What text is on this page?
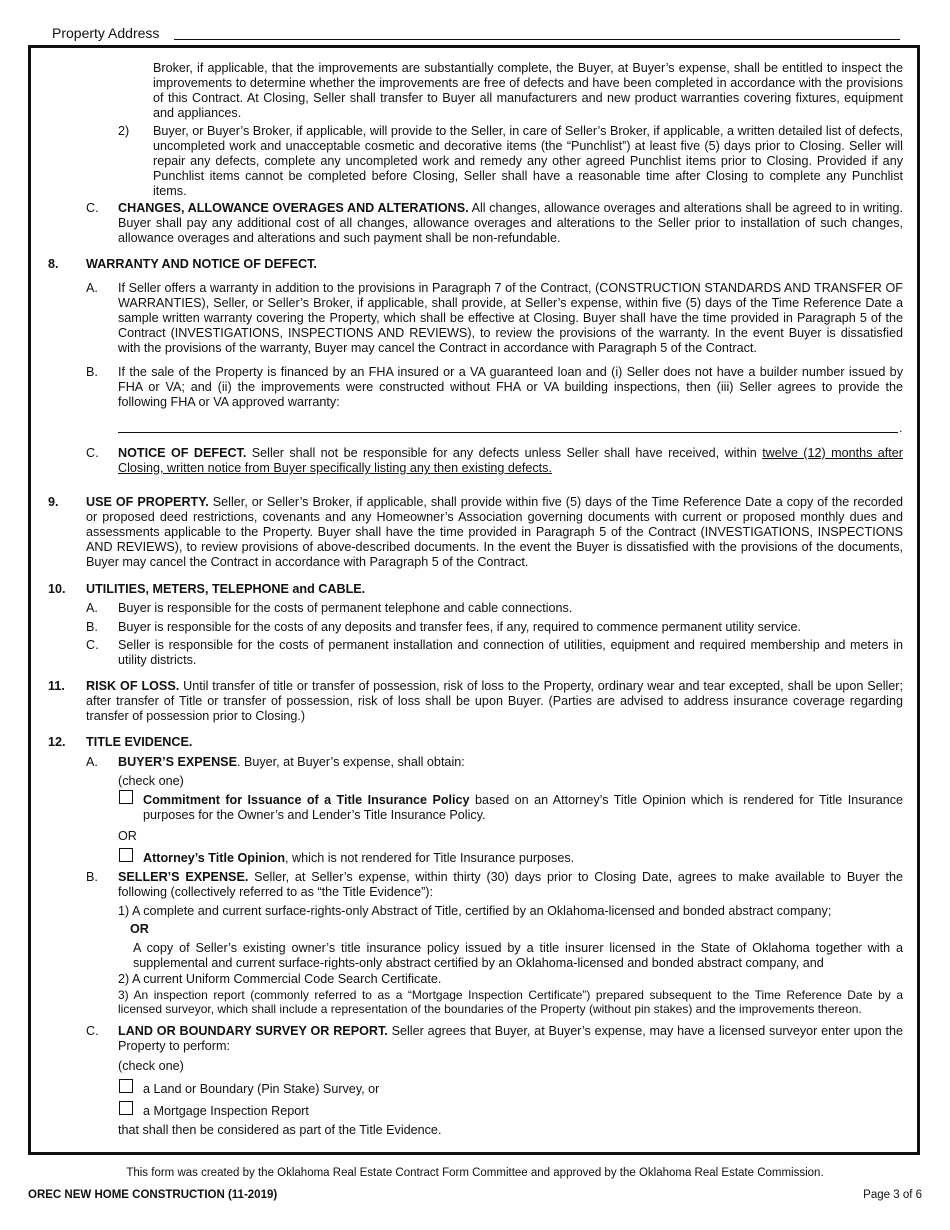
Property Address
Broker, if applicable, that the improvements are substantially complete, the Buyer, at Buyer’s expense, shall be entitled to inspect the improvements to determine whether the improvements are free of defects and have been completed in accordance with the provisions of this Contract. At Closing, Seller shall transfer to Buyer all manufacturers and new product warranties covering fixtures, equipment and appliances.
2) Buyer, or Buyer’s Broker, if applicable, will provide to the Seller, in care of Seller’s Broker, if applicable, a written detailed list of defects, uncompleted work and unacceptable cosmetic and decorative items (the “Punchlist”) at least five (5) days prior to Closing. Seller will repair any defects, complete any uncompleted work and remedy any other agreed Punchlist items prior to Closing. Provided if any Punchlist items cannot be completed before Closing, Seller shall have a reasonable time after Closing to complete any Punchlist items.
C. CHANGES, ALLOWANCE OVERAGES AND ALTERATIONS. All changes, allowance overages and alterations shall be agreed to in writing. Buyer shall pay any additional cost of all changes, allowance overages and alterations to the Seller prior to installation of such changes, allowance overages and alterations and such payment shall be non-refundable.
8. WARRANTY AND NOTICE OF DEFECT.
A. If Seller offers a warranty in addition to the provisions in Paragraph 7 of the Contract, (CONSTRUCTION STANDARDS AND TRANSFER OF WARRANTIES), Seller, or Seller’s Broker, if applicable, shall provide, at Seller’s expense, within five (5) days of the Time Reference Date a sample written warranty covering the Property, which shall be effective at Closing. Buyer shall have the time provided in Paragraph 5 of the Contract (INVESTIGATIONS, INSPECTIONS AND REVIEWS), to review the provisions of the warranty. In the event Buyer is dissatisfied with the provisions of the warranty, Buyer may cancel the Contract in accordance with Paragraph 5 of the Contract.
B. If the sale of the Property is financed by an FHA insured or a VA guaranteed loan and (i) Seller does not have a builder number issued by FHA or VA; and (ii) the improvements were constructed without FHA or VA building inspections, then (iii) Seller agrees to provide the following FHA or VA approved warranty:
.
C. NOTICE OF DEFECT. Seller shall not be responsible for any defects unless Seller shall have received, within twelve (12) months after Closing, written notice from Buyer specifically listing any then existing defects.
9. USE OF PROPERTY. Seller, or Seller’s Broker, if applicable, shall provide within five (5) days of the Time Reference Date a copy of the recorded or proposed deed restrictions, covenants and any Homeowner’s Association governing documents with current or proposed monthly dues and assessments applicable to the Property. Buyer shall have the time provided in Paragraph 5 of the Contract (INVESTIGATIONS, INSPECTIONS AND REVIEWS), to review provisions of above-described documents. In the event the Buyer is dissatisfied with the provisions of the documents, Buyer may cancel the Contract in accordance with Paragraph 5 of the Contract.
10. UTILITIES, METERS, TELEPHONE and CABLE.
A. Buyer is responsible for the costs of permanent telephone and cable connections.
B. Buyer is responsible for the costs of any deposits and transfer fees, if any, required to commence permanent utility service.
C. Seller is responsible for the costs of permanent installation and connection of utilities, equipment and required membership and meters in utility districts.
11. RISK OF LOSS. Until transfer of title or transfer of possession, risk of loss to the Property, ordinary wear and tear excepted, shall be upon Seller; after transfer of Title or transfer of possession, risk of loss shall be upon Buyer. (Parties are advised to address insurance coverage regarding transfer of possession prior to Closing.)
12. TITLE EVIDENCE.
A. BUYER’S EXPENSE. Buyer, at Buyer’s expense, shall obtain:
(check one)
Commitment for Issuance of a Title Insurance Policy based on an Attorney’s Title Opinion which is rendered for Title Insurance purposes for the Owner’s and Lender’s Title Insurance Policy.
OR
Attorney’s Title Opinion, which is not rendered for Title Insurance purposes.
B. SELLER’S EXPENSE. Seller, at Seller’s expense, within thirty (30) days prior to Closing Date, agrees to make available to Buyer the following (collectively referred to as “the Title Evidence”):
1) A complete and current surface-rights-only Abstract of Title, certified by an Oklahoma-licensed and bonded abstract company;
OR
A copy of Seller’s existing owner’s title insurance policy issued by a title insurer licensed in the State of Oklahoma together with a supplemental and current surface-rights-only abstract certified by an Oklahoma-licensed and bonded abstract company, and
2) A current Uniform Commercial Code Search Certificate.
3) An inspection report (commonly referred to as a “Mortgage Inspection Certificate”) prepared subsequent to the Time Reference Date by a licensed surveyor, which shall include a representation of the boundaries of the Property (without pin stakes) and the improvements thereon.
C. LAND OR BOUNDARY SURVEY OR REPORT. Seller agrees that Buyer, at Buyer’s expense, may have a licensed surveyor enter upon the Property to perform:
(check one)
a Land or Boundary (Pin Stake) Survey, or
a Mortgage Inspection Report
that shall then be considered as part of the Title Evidence.
This form was created by the Oklahoma Real Estate Contract Form Committee and approved by the Oklahoma Real Estate Commission.
OREC NEW HOME CONSTRUCTION (11-2019)	Page 3 of 6
